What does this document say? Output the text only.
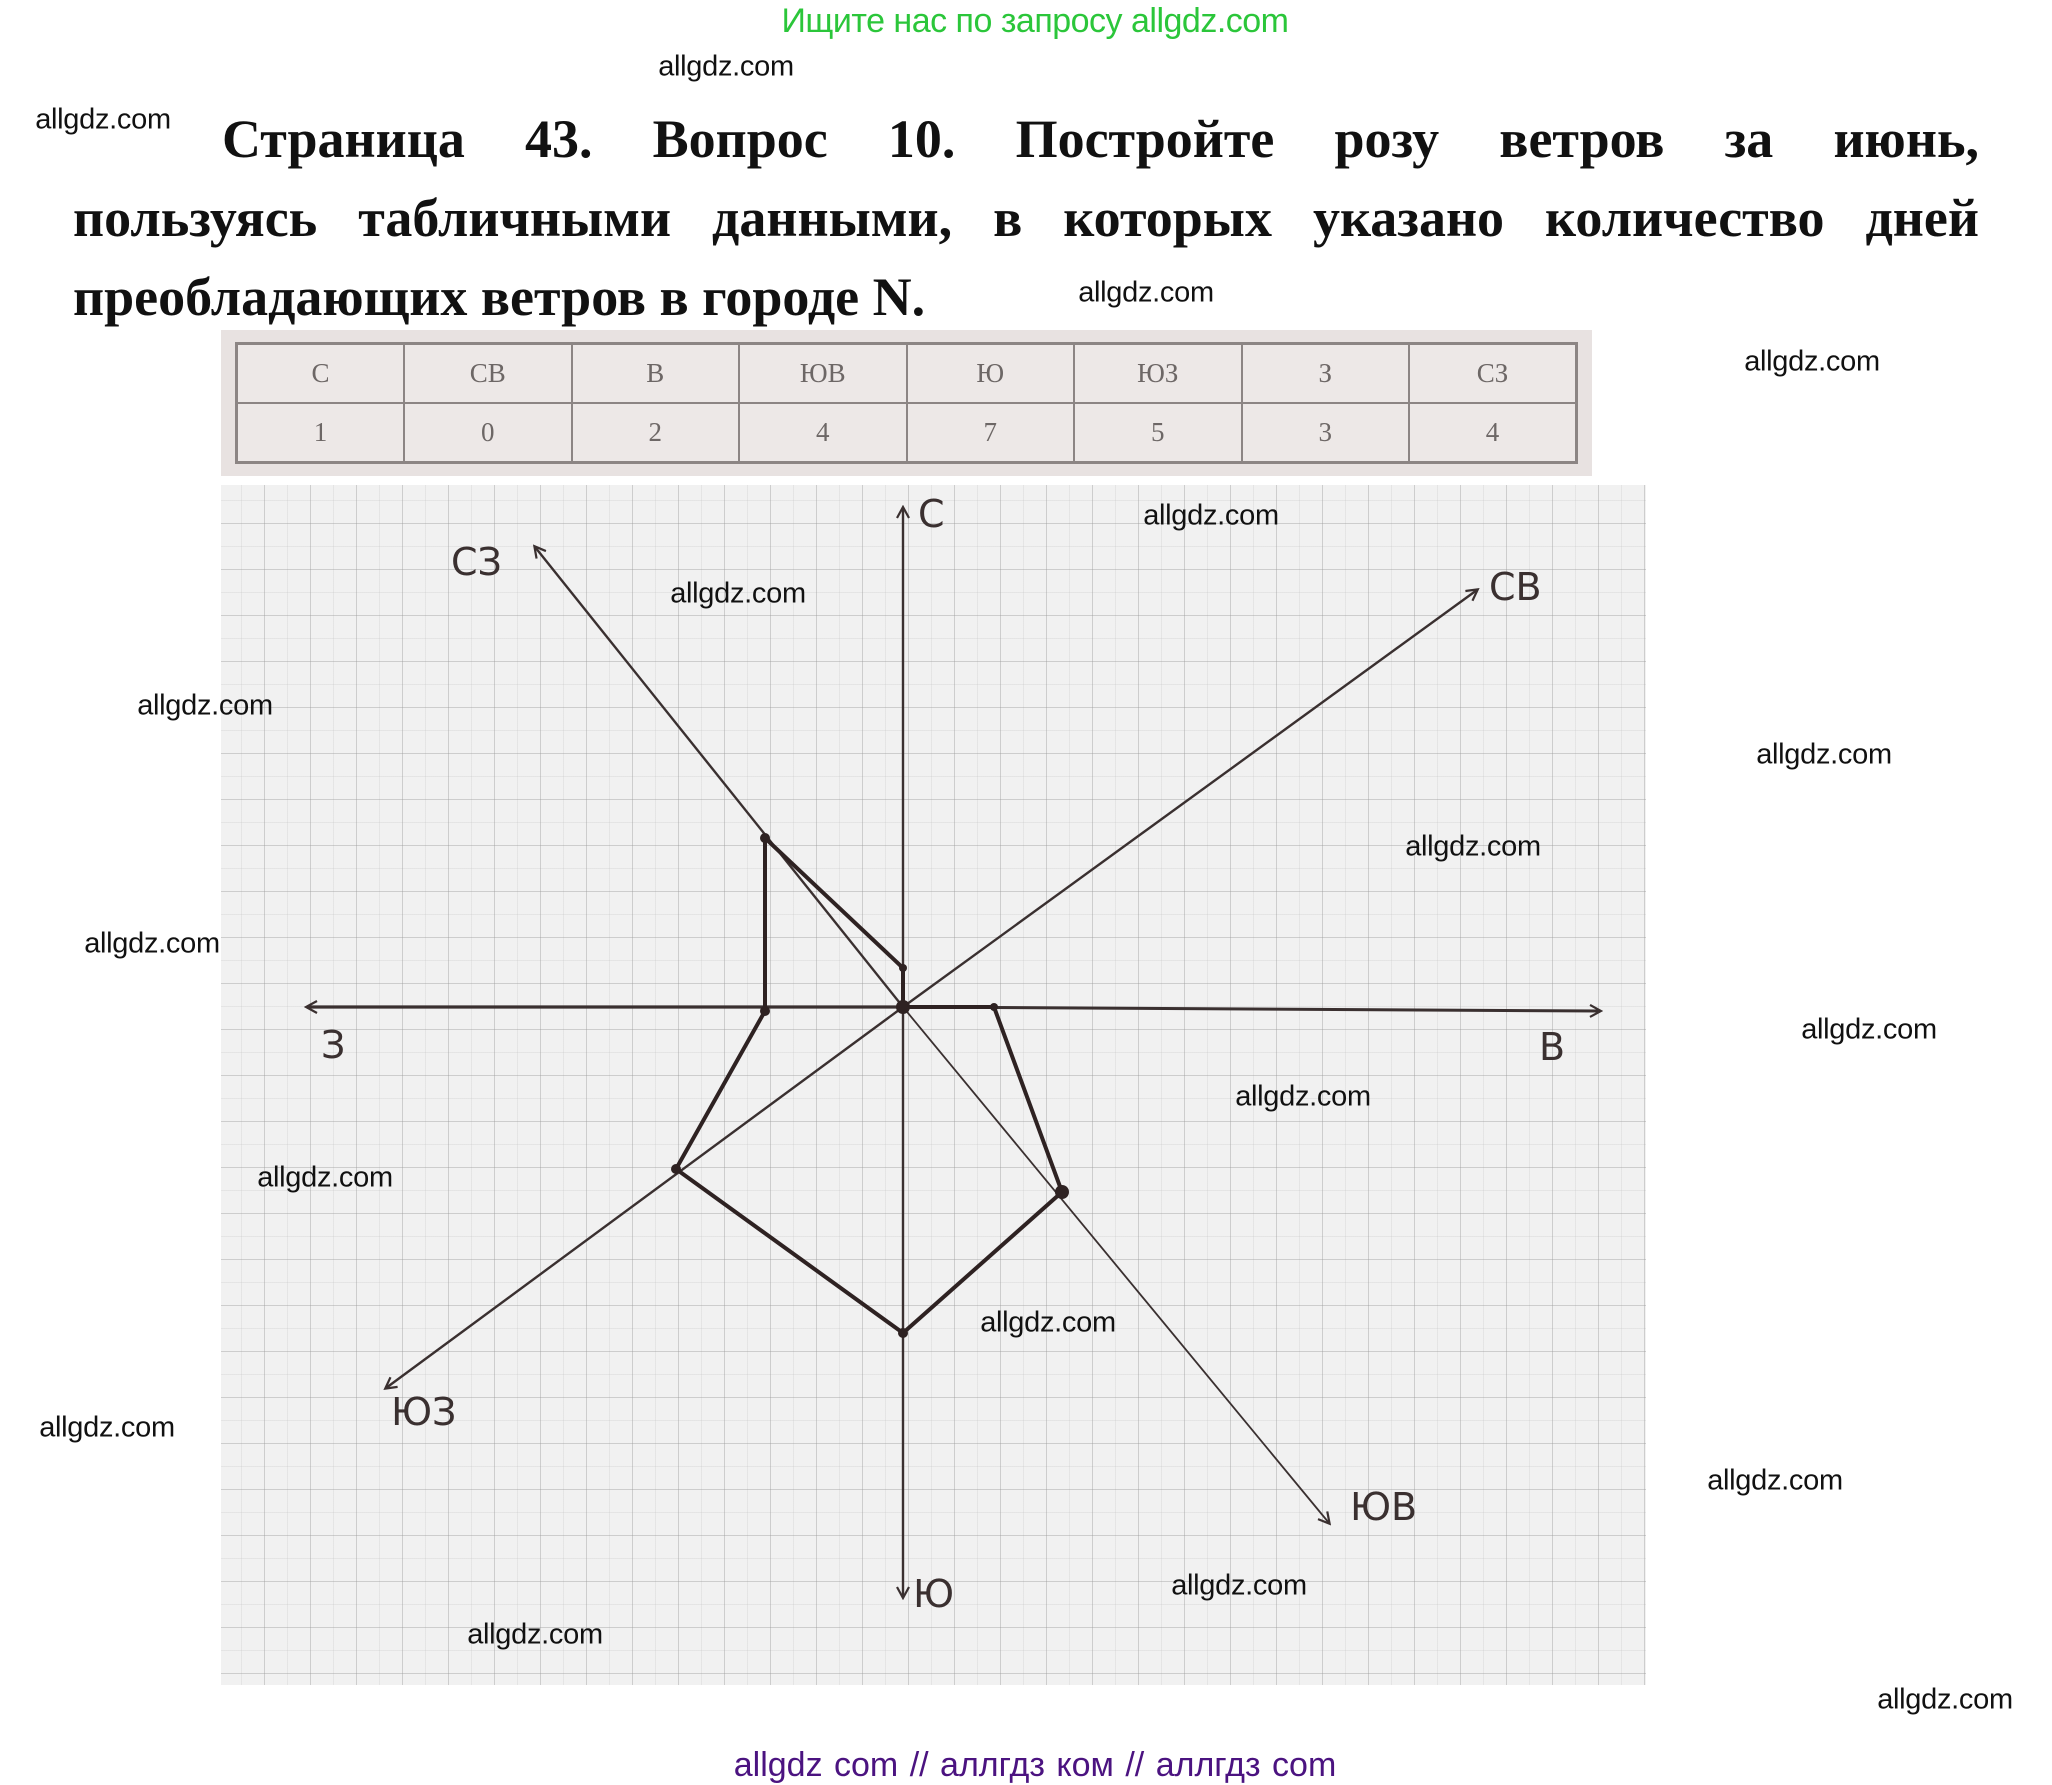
Ищите нас по запросу allgdz.com
Страница 43. Вопрос 10. Постройте розу ветров за июнь,
пользуясь табличными данными, в которых указано количество дней
преобладающих ветров в городе N.
С	СВ	В	ЮВ	Ю	ЮЗ	З	СЗ
1	0	2	4	7	5	3	4
С
СВ
В
ЮВ
Ю
ЮЗ
З
СЗ
allgdz.com
allgdz.com
allgdz.com
allgdz.com
allgdz.com
allgdz.com
allgdz.com
allgdz.com
allgdz.com
allgdz.com
allgdz.com
allgdz.com
allgdz.com
allgdz.com
allgdz.com
allgdz.com
allgdz.com
allgdz.com
allgdz.com
allgdz com // аллгдз ком // аллгдз com
